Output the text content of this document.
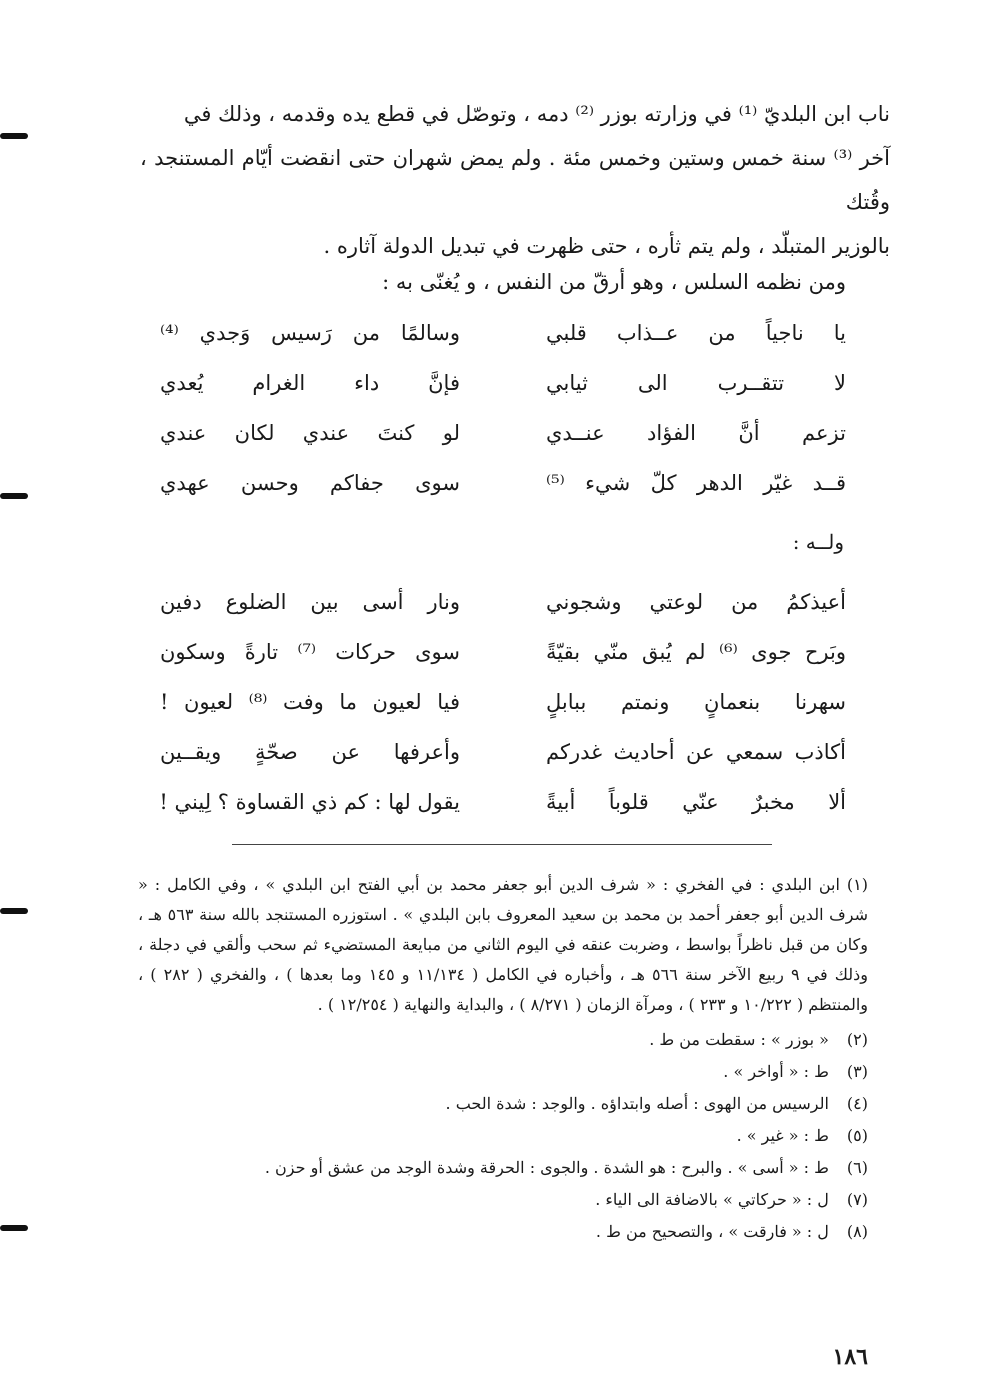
ناب ابن البلديّ ⁽¹⁾ في وزارته بوزر ⁽²⁾ دمه ، وتوصّل في قطع يده وقدمه ، وذلك في

آخر ⁽³⁾ سنة خمس وستين وخمس مئة . ولم يمض شهران حتى انقضت أيّام المستنجد ، وقُتك

بالوزير المتبلّد ، ولم يتم ثأره ، حتى ظهرت في تبديل الدولة آثاره .

ومن نظمه السلس ، وهو أرقّ من النفس ، و يُغنّى به :
يا ناجياً من عــذاب قلبي
وسالمًا من رَسيس وَجدي ⁽⁴⁾
لا تتقــرب الى ثيابي
فإنَّ داء الغرام يُعدي
تزعم أنَّ الفؤاد عنــدي
لو كنتَ عندي لكان عندي
قــد غيّر الدهر كلّ شيء ⁽⁵⁾
سوى جفاكم وحسن عهدي
ولــه :
أعيذكمُ من لوعتي وشجوني
ونار أسى بين الضلوع دفين
وبَرح جوى ⁽⁶⁾ لم يُبق منّي بقيّةً
سوى حركات ⁽⁷⁾ تارةً وسكون
سهرنا بنعمانٍ ونمتم ببابلٍ
فيا لعيون ما وفت ⁽⁸⁾ لعيون !
أكاذب سمعي عن أحاديث غدركم
وأعرفها عن صحّةٍ ويقــين
ألا مخبرٌ عنّي قلوباً أبيةً
يقول لها : كم ذي القساوة ؟ لِيني !

(١) ابن البلدي : في الفخري : « شرف الدين أبو جعفر محمد بن أبي الفتح ابن البلدي » ، وفي الكامل : « شرف الدين أبو جعفر أحمد بن محمد بن سعيد المعروف بابن البلدي » . استوزره المستنجد بالله سنة ٥٦٣ هـ ، وكان من قبل ناظراً بواسط ، وضربت عنقه في اليوم الثاني من مبايعة المستضيء ثم سحب وألقي في دجلة ، وذلك في ٩ ربيع الآخر سنة ٥٦٦ هـ ، وأخباره في الكامل ( ١١/١٣٤ و ١٤٥ وما بعدها ) ، والفخري ( ٢٨٢ ) ، والمنتظم ( ١٠/٢٢٢ و ٢٣٣ ) ، ومرآة الزمان ( ٨/٢٧١ ) ، والبداية والنهاية ( ١٢/٢٥٤ ) .

(٢) « بوزر » : سقطت من ط .

(٣) ط : « أواخر » .

(٤) الرسيس من الهوى : أصله وابتداؤه . والوجد : شدة الحب .

(٥) ط : « غير » .

(٦) ط : « أسى » . والبرح : هو الشدة . والجوى : الحرقة وشدة الوجد من عشق أو حزن .

(٧) ل : « حركاتي » بالاضافة الى الياء .

(٨) ل : « فارقت » ، والتصحيح من ط .

١٨٦
